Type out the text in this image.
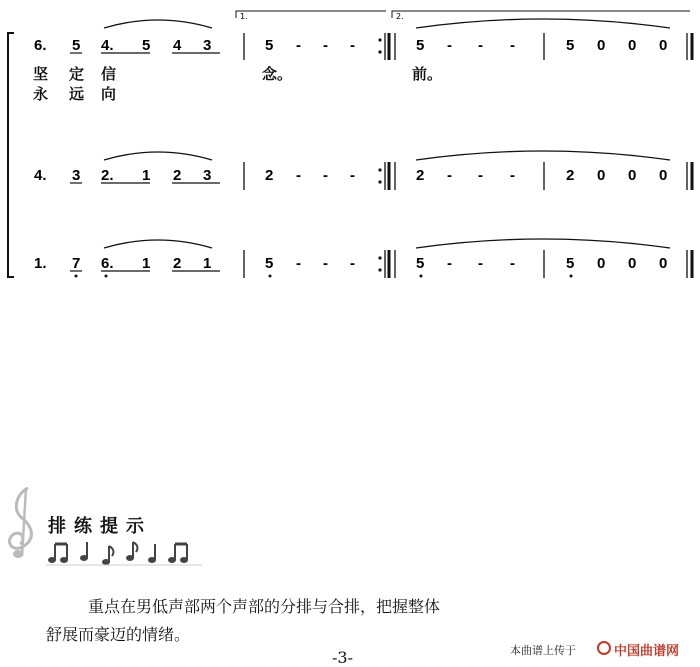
1.	2.
6. 5 4. 5 4 3	5 - - -	5 - - -	5 0 0 0
4. 3 2. 1 2 3	2 - - -	2 - - -	2 0 0 0
1. 7 6. 1 2 1	5 - - -	5 - - -	5 0 0 0
坚 定 信	念。	前。
永 远 向
排练提示
重点在男低声部两个声部的分排与合排，把握整体
舒展而豪迈的情绪。
-3-	本曲谱上传于	中国曲谱网
